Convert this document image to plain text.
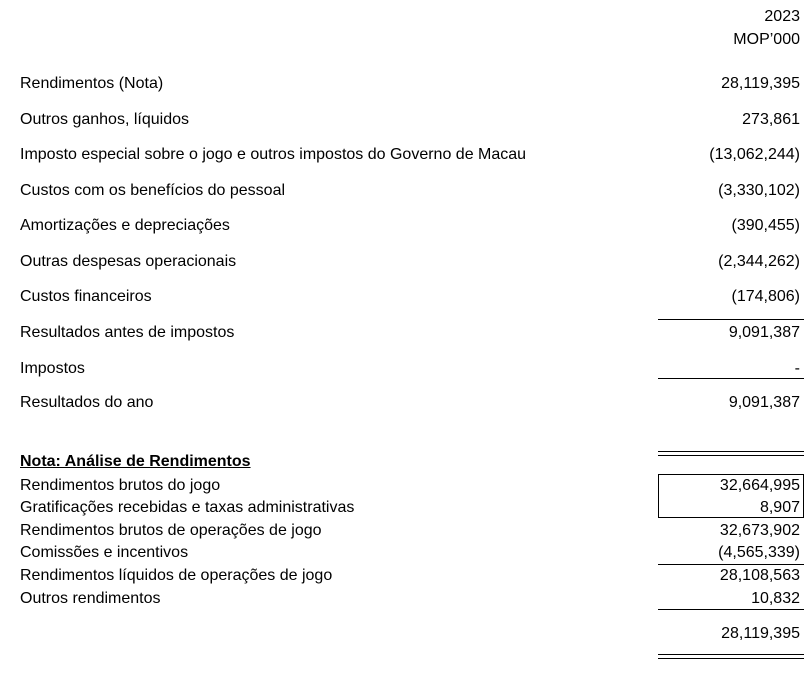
2023
MOP’000
Rendimentos (Nota)	28,119,395
Outros ganhos, líquidos	273,861
Imposto especial sobre o jogo e outros impostos do Governo de Macau	(13,062,244)
Custos com os benefícios do pessoal	(3,330,102)
Amortizações e depreciações	(390,455)
Outras despesas operacionais	(2,344,262)
Custos financeiros	(174,806)
Resultados antes de impostos	9,091,387
Impostos	-
Resultados do ano	9,091,387
Nota: Análise de Rendimentos
Rendimentos brutos do jogo	32,664,995
Gratificações recebidas e taxas administrativas	8,907
Rendimentos brutos de operações de jogo	32,673,902
Comissões e incentivos	(4,565,339)
Rendimentos líquidos de operações de jogo	28,108,563
Outros rendimentos	10,832
28,119,395
